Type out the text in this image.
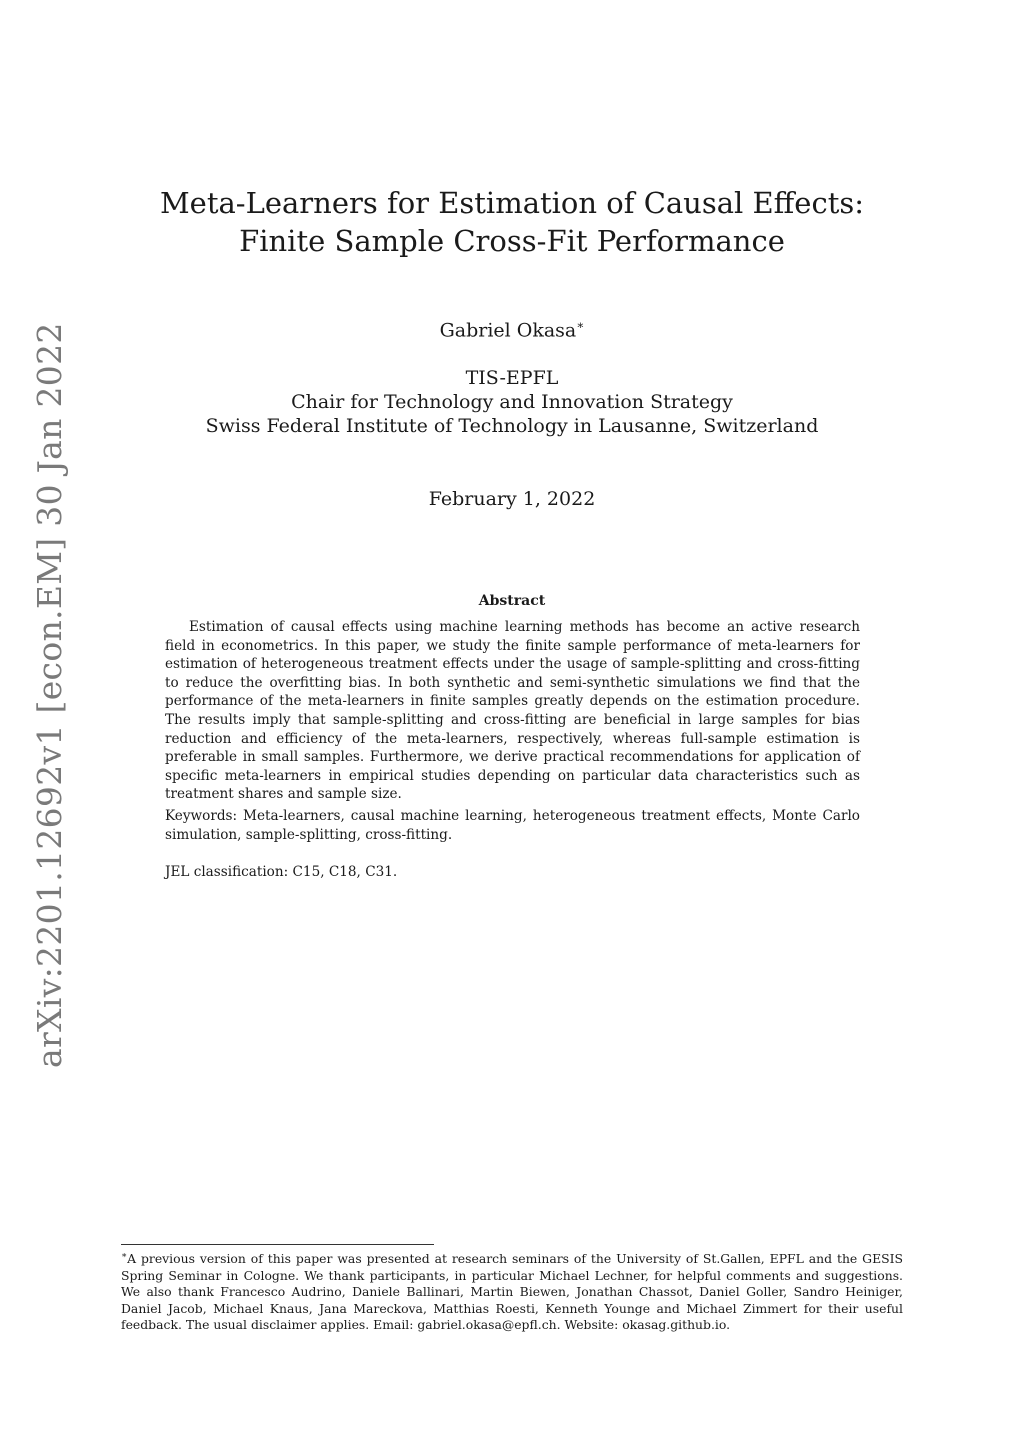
arXiv:2201.12692v1 [econ.EM] 30 Jan 2022
Meta-Learners for Estimation of Causal Effects:
Finite Sample Cross-Fit Performance
Gabriel Okasa∗
TIS-EPFL
Chair for Technology and Innovation Strategy
Swiss Federal Institute of Technology in Lausanne, Switzerland
February 1, 2022
Abstract

Estimation of causal effects using machine learning methods has become an active research field in econometrics. In this paper, we study the finite sample performance of meta-learners for estimation of heterogeneous treatment effects under the usage of sample-splitting and cross-fitting to reduce the overfitting bias. In both synthetic and semi-synthetic simulations we find that the performance of the meta-learners in finite samples greatly depends on the estimation procedure. The results imply that sample-splitting and cross-fitting are beneficial in large samples for bias reduction and efficiency of the meta-learners, respectively, whereas full-sample estimation is preferable in small samples. Furthermore, we derive practical recommendations for application of specific meta-learners in empirical studies depending on particular data characteristics such as treatment shares and sample size.

Keywords: Meta-learners, causal machine learning, heterogeneous treatment effects, Monte Carlo simulation, sample-splitting, cross-fitting.

JEL classification: C15, C18, C31.

∗A previous version of this paper was presented at research seminars of the University of St.Gallen, EPFL and the GESIS Spring Seminar in Cologne. We thank participants, in particular Michael Lechner, for helpful comments and suggestions. We also thank Francesco Audrino, Daniele Ballinari, Martin Biewen, Jonathan Chassot, Daniel Goller, Sandro Heiniger, Daniel Jacob, Michael Knaus, Jana Mareckova, Matthias Roesti, Kenneth Younge and Michael Zimmert for their useful feedback. The usual disclaimer applies. Email: gabriel.okasa@epfl.ch. Website: okasag.github.io.
